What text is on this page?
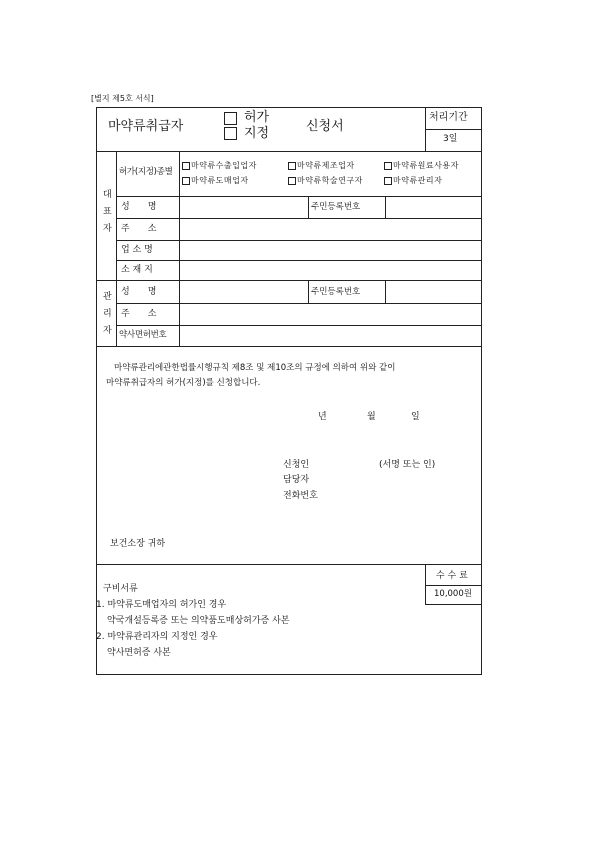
[별지 제5호 서식]
마약류취급자
허가
지정	신청서
처리기간
3일
대
표
자
허가(지정)종별
마약류수출입업자	마약류제조업자	마약류원료사용자
마약류도매업자	마약류학술연구자	마약류관리자
성　　명	주민등록번호
주　　소
업 소 명
소 재 지
관
리
자
성　　명	주민등록번호
주　　소
약사면허번호
마약류관리에관한법률시행규칙 제8조 및 제10조의 규정에 의하여 위와 같이
마약류취급자의 허가(지정)를 신청합니다.
년	월	일
신청인	(서명 또는 인)
담당자
전화번호
보건소장 귀하
수 수 료
10,000원
구비서류
1. 마약류도매업자의 허가인 경우
약국개설등록증 또는 의약품도매상허가증 사본
2. 마약류관리자의 지정인 경우
약사면허증 사본
